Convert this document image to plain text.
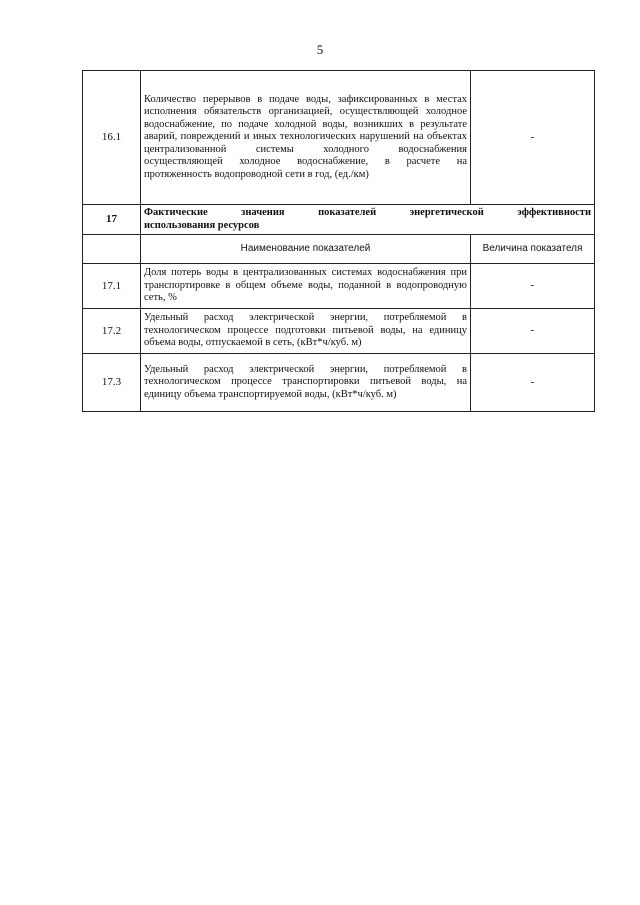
5
16.1	Количество перерывов в подаче воды, зафиксированных в местах исполнения обязательств организацией, осуществляющей холодное водоснабжение, по подаче холодной воды, возникших в результате аварий, повреждений и иных технологических нарушений на объектах централизованной системы холодного водоснабжения осуществляющей холодное водоснабжение, в расчете на протяженность водопроводной сети в год, (ед./км)	-
17	Фактические значения показателей энергетической эффективности
использования ресурсов	

	Наименование показателей	Величина показателя
17.1	Доля потерь воды в централизованных системах водоснабжения при транспортировке в общем объеме воды, поданной в водопроводную сеть, %	-
17.2	Удельный расход электрической энергии, потребляемой в технологическом процессе подготовки питьевой воды, на единицу объема воды, отпускаемой в сеть, (кВт*ч/куб. м)	-
17.3	Удельный расход электрической энергии, потребляемой в технологическом процессе транспортировки питьевой воды, на единицу объема транспортируемой воды, (кВт*ч/куб. м)	-
